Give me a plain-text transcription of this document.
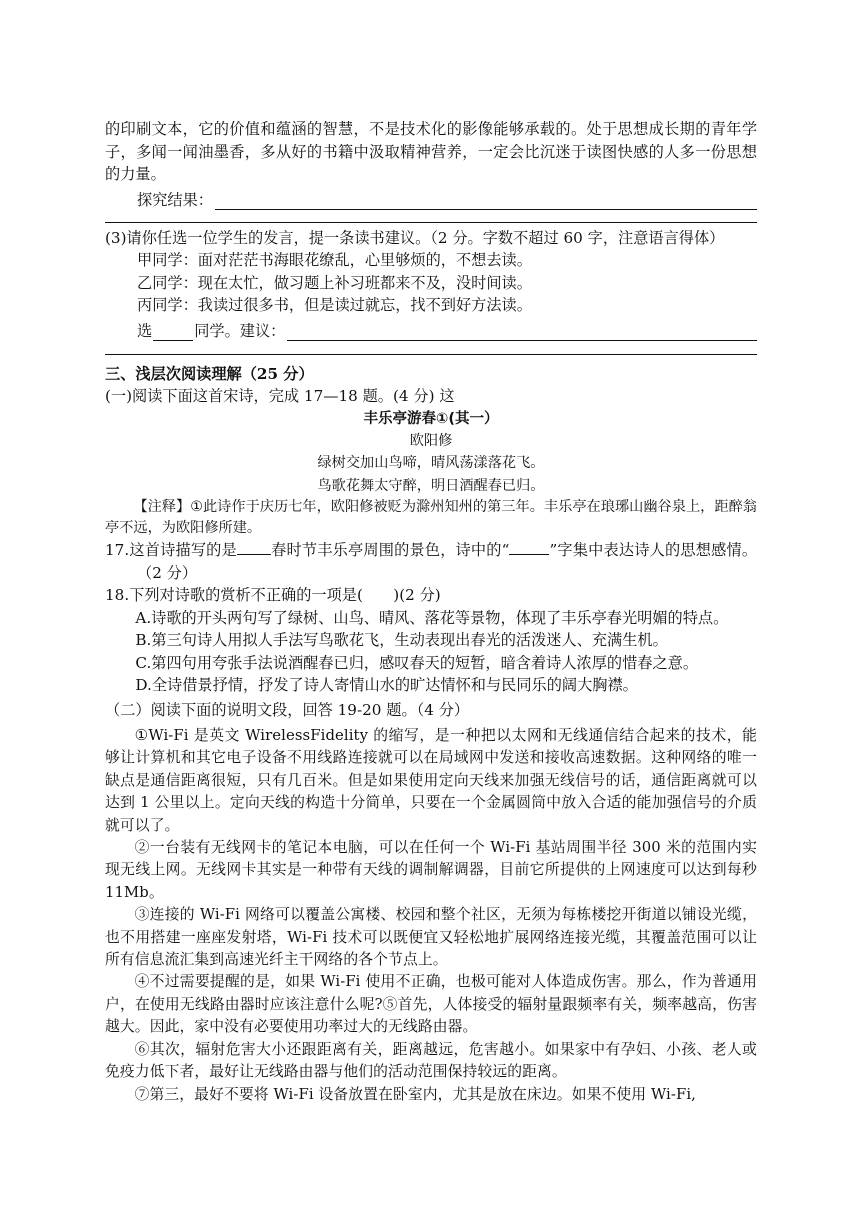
的印刷文本，它的价值和蕴涵的智慧，不是技术化的影像能够承载的。处于思想成长期的青年学子，多闻一闻油墨香，多从好的书籍中汲取精神营养，一定会比沉迷于读图快感的人多一份思想的力量。

探究结果：

(3)请你任选一位学生的发言，提一条读书建议。（2 分。字数不超过 60 字，注意语言得体）

甲同学：面对茫茫书海眼花缭乱，心里够烦的，不想去读。

乙同学：现在太忙，做习题上补习班都来不及，没时间读。

丙同学：我读过很多书，但是读过就忘，找不到好方法读。

选	同学。建议：

三、浅层次阅读理解（25 分）

(一)阅读下面这首宋诗，完成 17—18 题。(4 分) 这

丰乐亭游春①(其一）

欧阳修

绿树交加山鸟啼，晴风荡漾落花飞。

鸟歌花舞太守醉，明日酒醒春已归。

【注释】①此诗作于庆历七年，欧阳修被贬为滁州知州的第三年。丰乐亭在琅琊山幽谷泉上，距醉翁亭不远，为欧阳修所建。

17.这首诗描写的是 春时节丰乐亭周围的景色，诗中的“	”字集中表达诗人的思想感情。（2 分）

18.下列对诗歌的赏析不正确的一项是(　　)(2 分)

A.诗歌的开头两句写了绿树、山鸟、晴风、落花等景物，体现了丰乐亭春光明媚的特点。

B.第三句诗人用拟人手法写鸟歌花飞，生动表现出春光的活泼迷人、充满生机。

C.第四句用夸张手法说酒醒春已归，感叹春天的短暂，暗含着诗人浓厚的惜春之意。

D.全诗借景抒情，抒发了诗人寄情山水的旷达情怀和与民同乐的阔大胸襟。

（二）阅读下面的说明文段，回答 19-20 题。（4 分）

①Wi-Fi 是英文 WirelessFidelity 的缩写，是一种把以太网和无线通信结合起来的技术，能够让计算机和其它电子设备不用线路连接就可以在局域网中发送和接收高速数据。这种网络的唯一缺点是通信距离很短，只有几百米。但是如果使用定向天线来加强无线信号的话，通信距离就可以达到 1 公里以上。定向天线的构造十分简单，只要在一个金属圆筒中放入合适的能加强信号的介质就可以了。

②一台装有无线网卡的笔记本电脑，可以在任何一个 Wi-Fi 基站周围半径 300 米的范围内实现无线上网。无线网卡其实是一种带有天线的调制解调器，目前它所提供的上网速度可以达到每秒 11Mb。

③连接的 Wi-Fi 网络可以覆盖公寓楼、校园和整个社区，无须为每栋楼挖开街道以铺设光缆，也不用搭建一座座发射塔，Wi-Fi 技术可以既便宜又轻松地扩展网络连接光缆，其覆盖范围可以让所有信息流汇集到高速光纤主干网络的各个节点上。

④不过需要提醒的是，如果 Wi-Fi 使用不正确，也极可能对人体造成伤害。那么，作为普通用户，在使用无线路由器时应该注意什么呢?⑤首先，人体接受的辐射量跟频率有关，频率越高，伤害越大。因此，家中没有必要使用功率过大的无线路由器。

⑥其次，辐射危害大小还跟距离有关，距离越远，危害越小。如果家中有孕妇、小孩、老人或免疫力低下者，最好让无线路由器与他们的活动范围保持较远的距离。

⑦第三，最好不要将 Wi-Fi 设备放置在卧室内，尤其是放在床边。如果不使用 Wi-Fi,
